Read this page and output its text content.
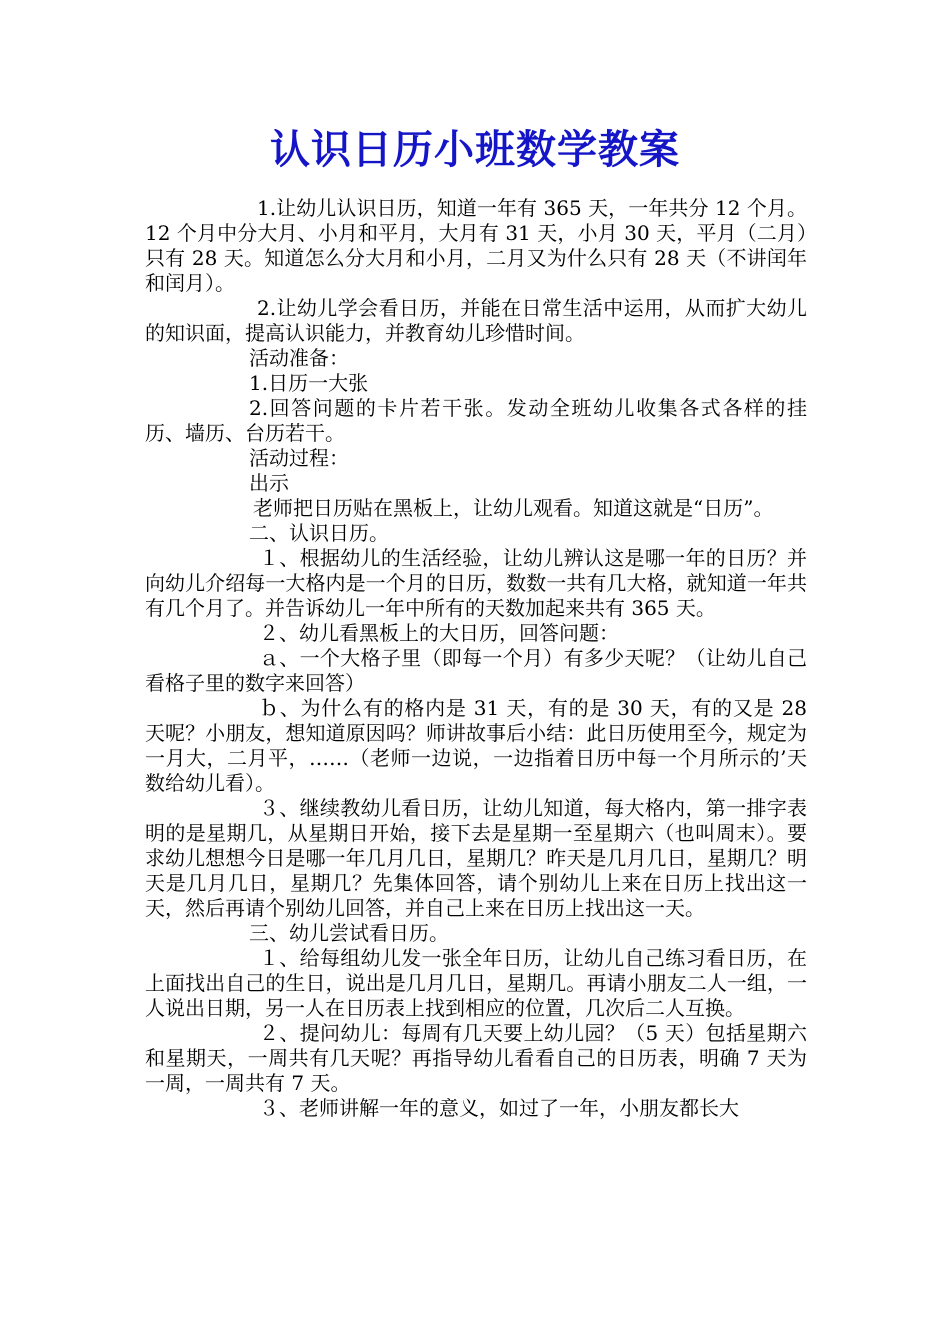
认识日历小班数学教案

1.让幼儿认识日历，知道一年有 365 天，一年共分 12 个月。12 个月中分大月、小月和平月，大月有 31 天，小月 30 天，平月（二月）只有 28 天。知道怎么分大月和小月，二月又为什么只有 28 天（不讲闰年和闰月）。

2.让幼儿学会看日历，并能在日常生活中运用，从而扩大幼儿的知识面，提高认识能力，并教育幼儿珍惜时间。

活动准备：

1.日历一大张

2.回答问题的卡片若干张。发动全班幼儿收集各式各样的挂历、墙历、台历若干。

活动过程：

出示

老师把日历贴在黑板上，让幼儿观看。知道这就是“日历”。

二、认识日历。

１、根据幼儿的生活经验，让幼儿辨认这是哪一年的日历？并向幼儿介绍每一大格内是一个月的日历，数数一共有几大格，就知道一年共有几个月了。并告诉幼儿一年中所有的天数加起来共有 365 天。

２、幼儿看黑板上的大日历，回答问题：

ａ、一个大格子里（即每一个月）有多少天呢？（让幼儿自己看格子里的数字来回答）

ｂ、为什么有的格内是 31 天，有的是 30 天，有的又是 28 天呢？小朋友，想知道原因吗？师讲故事后小结：此日历使用至今，规定为一月大，二月平，……（老师一边说，一边指着日历中每一个月所示的’天数给幼儿看）。

３、继续教幼儿看日历，让幼儿知道，每大格内，第一排字表明的是星期几，从星期日开始，接下去是星期一至星期六（也叫周末）。要求幼儿想想今日是哪一年几月几日，星期几？昨天是几月几日，星期几？明天是几月几日，星期几？先集体回答，请个别幼儿上来在日历上找出这一天，然后再请个别幼儿回答，并自己上来在日历上找出这一天。

三、幼儿尝试看日历。

１、给每组幼儿发一张全年日历，让幼儿自己练习看日历，在上面找出自己的生日，说出是几月几日，星期几。再请小朋友二人一组，一人说出日期，另一人在日历表上找到相应的位置，几次后二人互换。

２、提问幼儿：每周有几天要上幼儿园？（5 天）包括星期六和星期天，一周共有几天呢？再指导幼儿看看自己的日历表，明确 7 天为一周，一周共有 7 天。

３、老师讲解一年的意义，如过了一年，小朋友都长大
